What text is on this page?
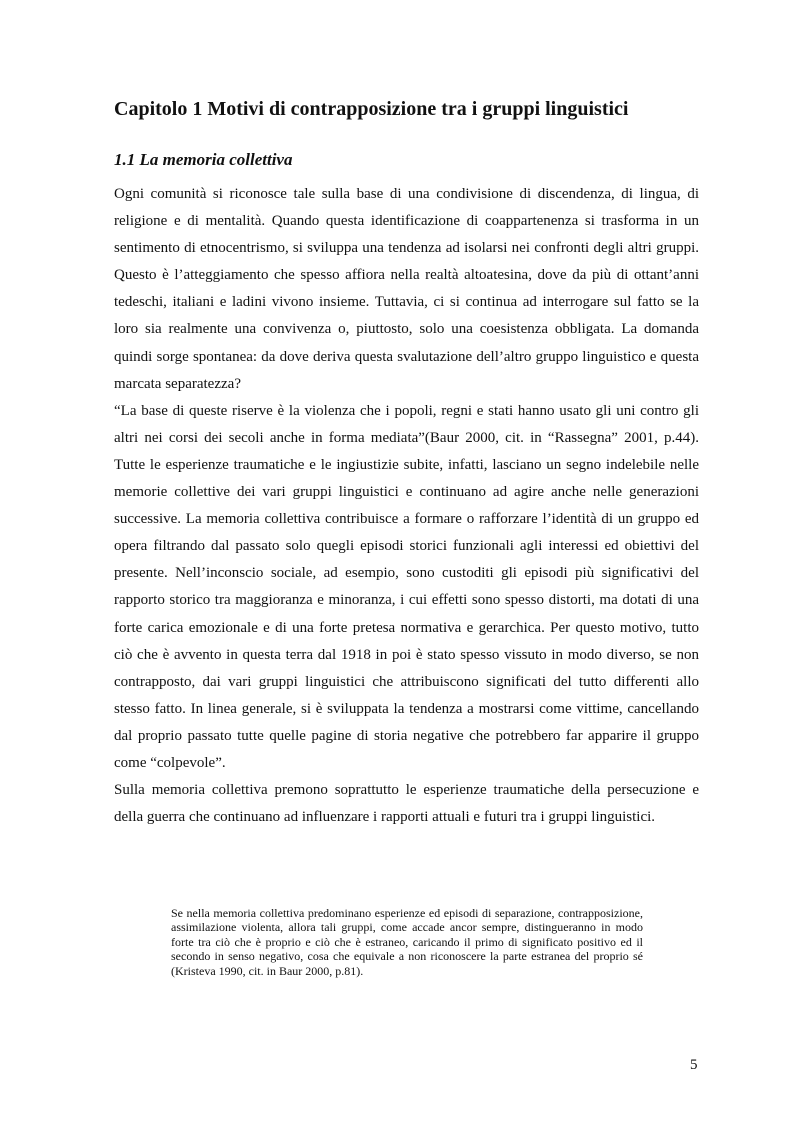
Capitolo 1 Motivi di contrapposizione tra i gruppi linguistici
1.1 La memoria collettiva

Ogni comunità si riconosce tale sulla base di una condivisione di discendenza, di lingua, di religione e di mentalità. Quando questa identificazione di coappartenenza si trasforma in un sentimento di etnocentrismo, si sviluppa una tendenza ad isolarsi nei confronti degli altri gruppi. Questo è l’atteggiamento che spesso affiora nella realtà altoatesina, dove da più di ottant’anni tedeschi, italiani e ladini vivono insieme. Tuttavia, ci si continua ad interrogare sul fatto se la loro sia realmente una convivenza o, piuttosto, solo una coesistenza obbligata. La domanda quindi sorge spontanea: da dove deriva questa svalutazione dell’altro gruppo linguistico e questa marcata separatezza?

“La base di queste riserve è la violenza che i popoli, regni e stati hanno usato gli uni contro gli altri nei corsi dei secoli anche in forma mediata”(Baur 2000, cit. in “Rassegna” 2001, p.44). Tutte le esperienze traumatiche e le ingiustizie subite, infatti, lasciano un segno indelebile nelle memorie collettive dei vari gruppi linguistici e continuano ad agire anche nelle generazioni successive. La memoria collettiva contribuisce a formare o rafforzare l’identità di un gruppo ed opera filtrando dal passato solo quegli episodi storici funzionali agli interessi ed obiettivi del presente. Nell’inconscio sociale, ad esempio, sono custoditi gli episodi più significativi del rapporto storico tra maggioranza e minoranza, i cui effetti sono spesso distorti, ma dotati di una forte carica emozionale e di una forte pretesa normativa e gerarchica. Per questo motivo, tutto ciò che è avvento in questa terra dal 1918 in poi è stato spesso vissuto in modo diverso, se non contrapposto, dai vari gruppi linguistici che attribuiscono significati del tutto differenti allo stesso fatto. In linea generale, si è sviluppata la tendenza a mostrarsi come vittime, cancellando dal proprio passato tutte quelle pagine di storia negative che potrebbero far apparire il gruppo come “colpevole”.

Sulla memoria collettiva premono soprattutto le esperienze traumatiche della persecuzione e della guerra che continuano ad influenzare i rapporti attuali e futuri tra i gruppi linguistici.

Se nella memoria collettiva predominano esperienze ed episodi di separazione, contrapposizione, assimilazione violenta, allora tali gruppi, come accade ancor sempre, distingueranno in modo forte tra ciò che è proprio e ciò che è estraneo, caricando il primo di significato positivo ed il secondo in senso negativo, cosa che equivale a non riconoscere la parte estranea del proprio sé (Kristeva 1990, cit. in Baur 2000, p.81).

5
